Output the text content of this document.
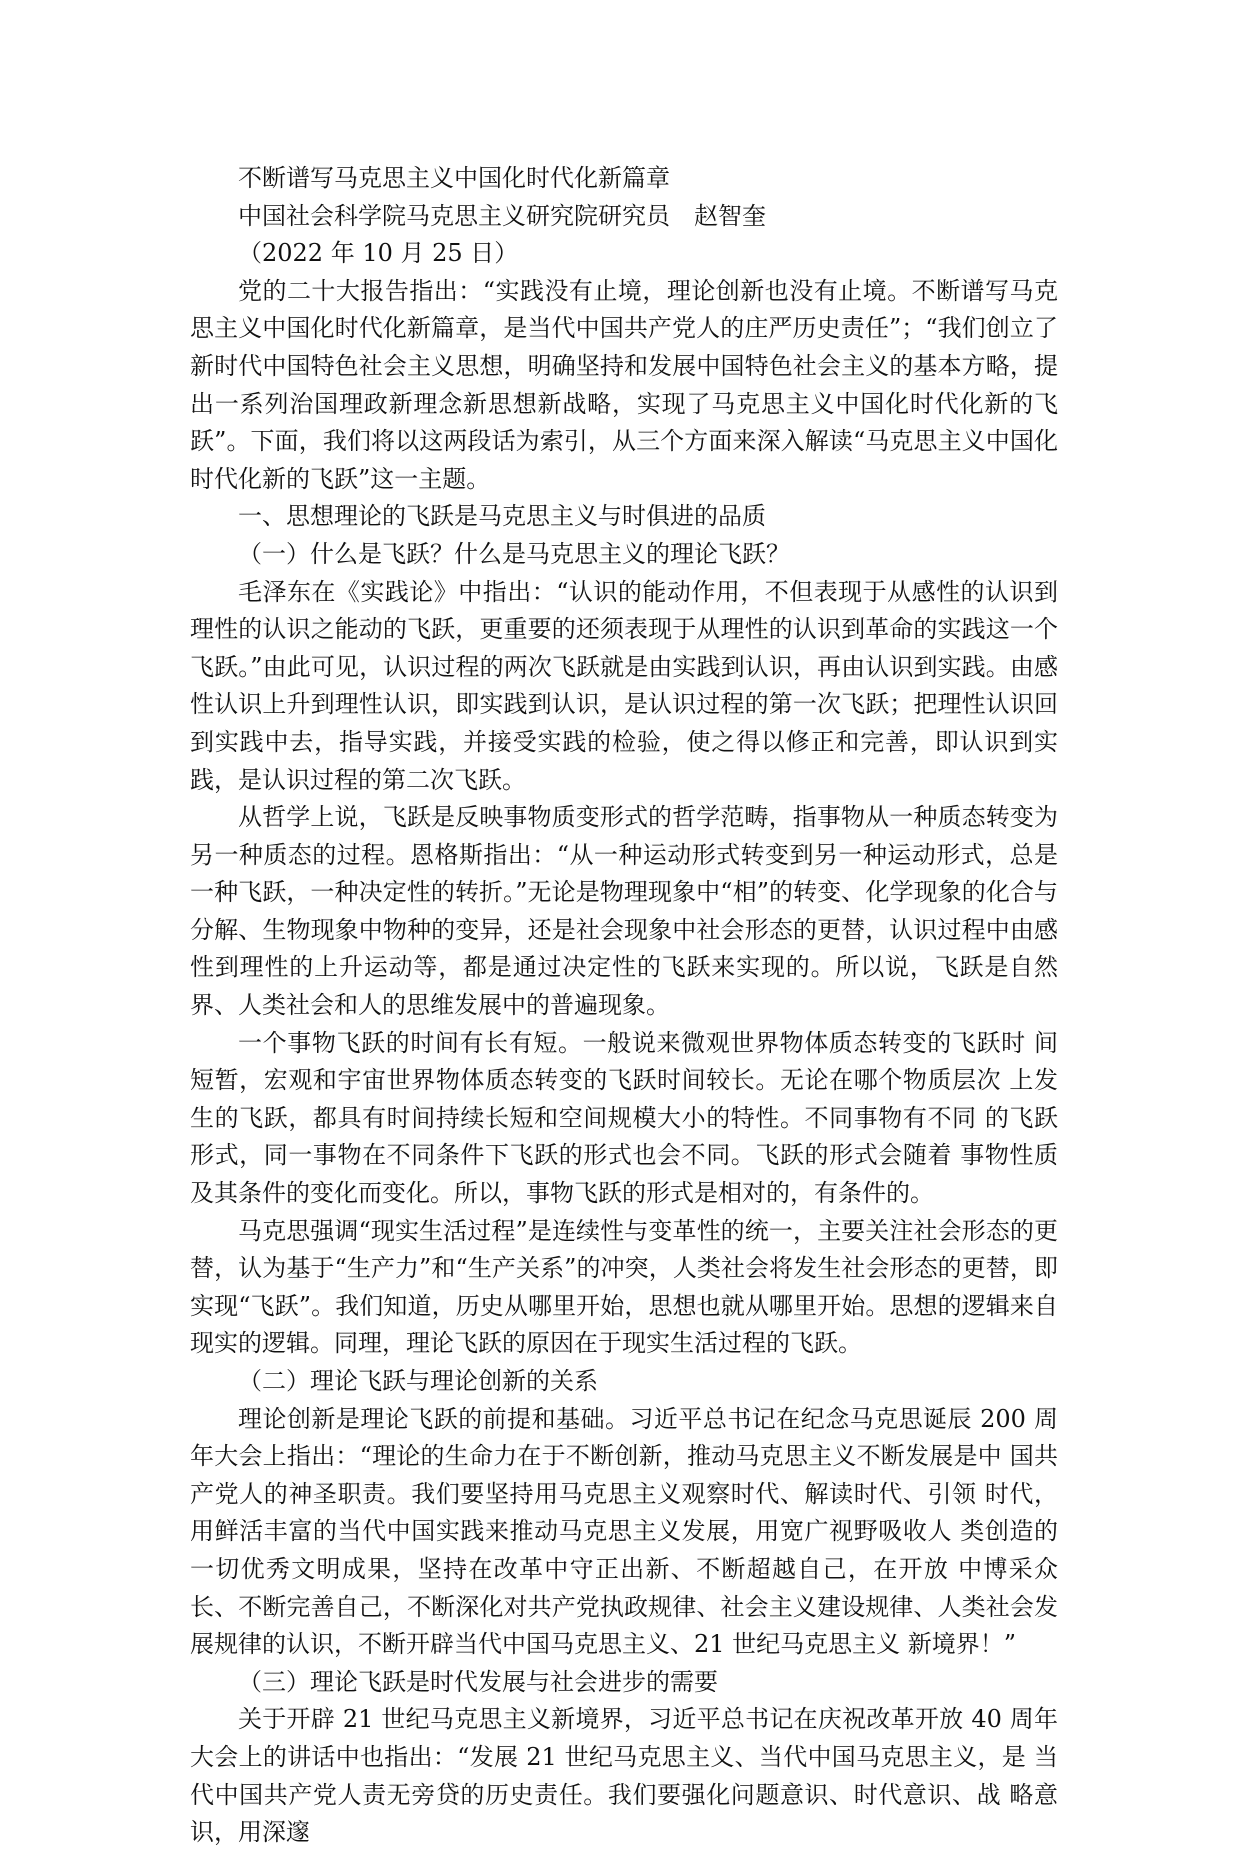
不断谱写马克思主义中国化时代化新篇章

中国社会科学院马克思主义研究院研究员　赵智奎

（2022 年 10 月 25 日）

党的二十大报告指出：“实践没有止境，理论创新也没有止境。不断谱写马克思主义中国化时代化新篇章，是当代中国共产党人的庄严历史责任”；“我们创立了新时代中国特色社会主义思想，明确坚持和发展中国特色社会主义的基本方略，提出一系列治国理政新理念新思想新战略，实现了马克思主义中国化时代化新的飞跃”。下面，我们将以这两段话为索引，从三个方面来深入解读“马克思主义中国化时代化新的飞跃”这一主题。

一、思想理论的飞跃是马克思主义与时俱进的品质

（一）什么是飞跃？什么是马克思主义的理论飞跃？

毛泽东在《实践论》中指出：“认识的能动作用，不但表现于从感性的认识到理性的认识之能动的飞跃，更重要的还须表现于从理性的认识到革命的实践这一个飞跃。”由此可见，认识过程的两次飞跃就是由实践到认识，再由认识到实践。由感性认识上升到理性认识，即实践到认识，是认识过程的第一次飞跃；把理性认识回到实践中去，指导实践，并接受实践的检验，使之得以修正和完善，即认识到实践，是认识过程的第二次飞跃。

从哲学上说，飞跃是反映事物质变形式的哲学范畴，指事物从一种质态转变为另一种质态的过程。恩格斯指出：“从一种运动形式转变到另一种运动形式，总是一种飞跃，一种决定性的转折。”无论是物理现象中“相”的转变、化学现象的化合与分解、生物现象中物种的变异，还是社会现象中社会形态的更替，认识过程中由感性到理性的上升运动等，都是通过决定性的飞跃来实现的。所以说，飞跃是自然界、人类社会和人的思维发展中的普遍现象。

一个事物飞跃的时间有长有短。一般说来微观世界物体质态转变的飞跃时 间短暂，宏观和宇宙世界物体质态转变的飞跃时间较长。无论在哪个物质层次 上发生的飞跃，都具有时间持续长短和空间规模大小的特性。不同事物有不同 的飞跃形式，同一事物在不同条件下飞跃的形式也会不同。飞跃的形式会随着 事物性质及其条件的变化而变化。所以，事物飞跃的形式是相对的，有条件的。

马克思强调“现实生活过程”是连续性与变革性的统一，主要关注社会形态的更替，认为基于“生产力”和“生产关系”的冲突，人类社会将发生社会形态的更替，即实现“飞跃”。我们知道，历史从哪里开始，思想也就从哪里开始。思想的逻辑来自现实的逻辑。同理，理论飞跃的原因在于现实生活过程的飞跃。

（二）理论飞跃与理论创新的关系

理论创新是理论飞跃的前提和基础。习近平总书记在纪念马克思诞辰 200 周年大会上指出：“理论的生命力在于不断创新，推动马克思主义不断发展是中 国共产党人的神圣职责。我们要坚持用马克思主义观察时代、解读时代、引领 时代，用鲜活丰富的当代中国实践来推动马克思主义发展，用宽广视野吸收人 类创造的一切优秀文明成果，坚持在改革中守正出新、不断超越自己，在开放 中博采众长、不断完善自己，不断深化对共产党执政规律、社会主义建设规律、人类社会发展规律的认识，不断开辟当代中国马克思主义、21 世纪马克思主义 新境界！”

（三）理论飞跃是时代发展与社会进步的需要

关于开辟 21 世纪马克思主义新境界，习近平总书记在庆祝改革开放 40 周年 大会上的讲话中也指出：“发展 21 世纪马克思主义、当代中国马克思主义，是 当代中国共产党人责无旁贷的历史责任。我们要强化问题意识、时代意识、战 略意识，用深邃
